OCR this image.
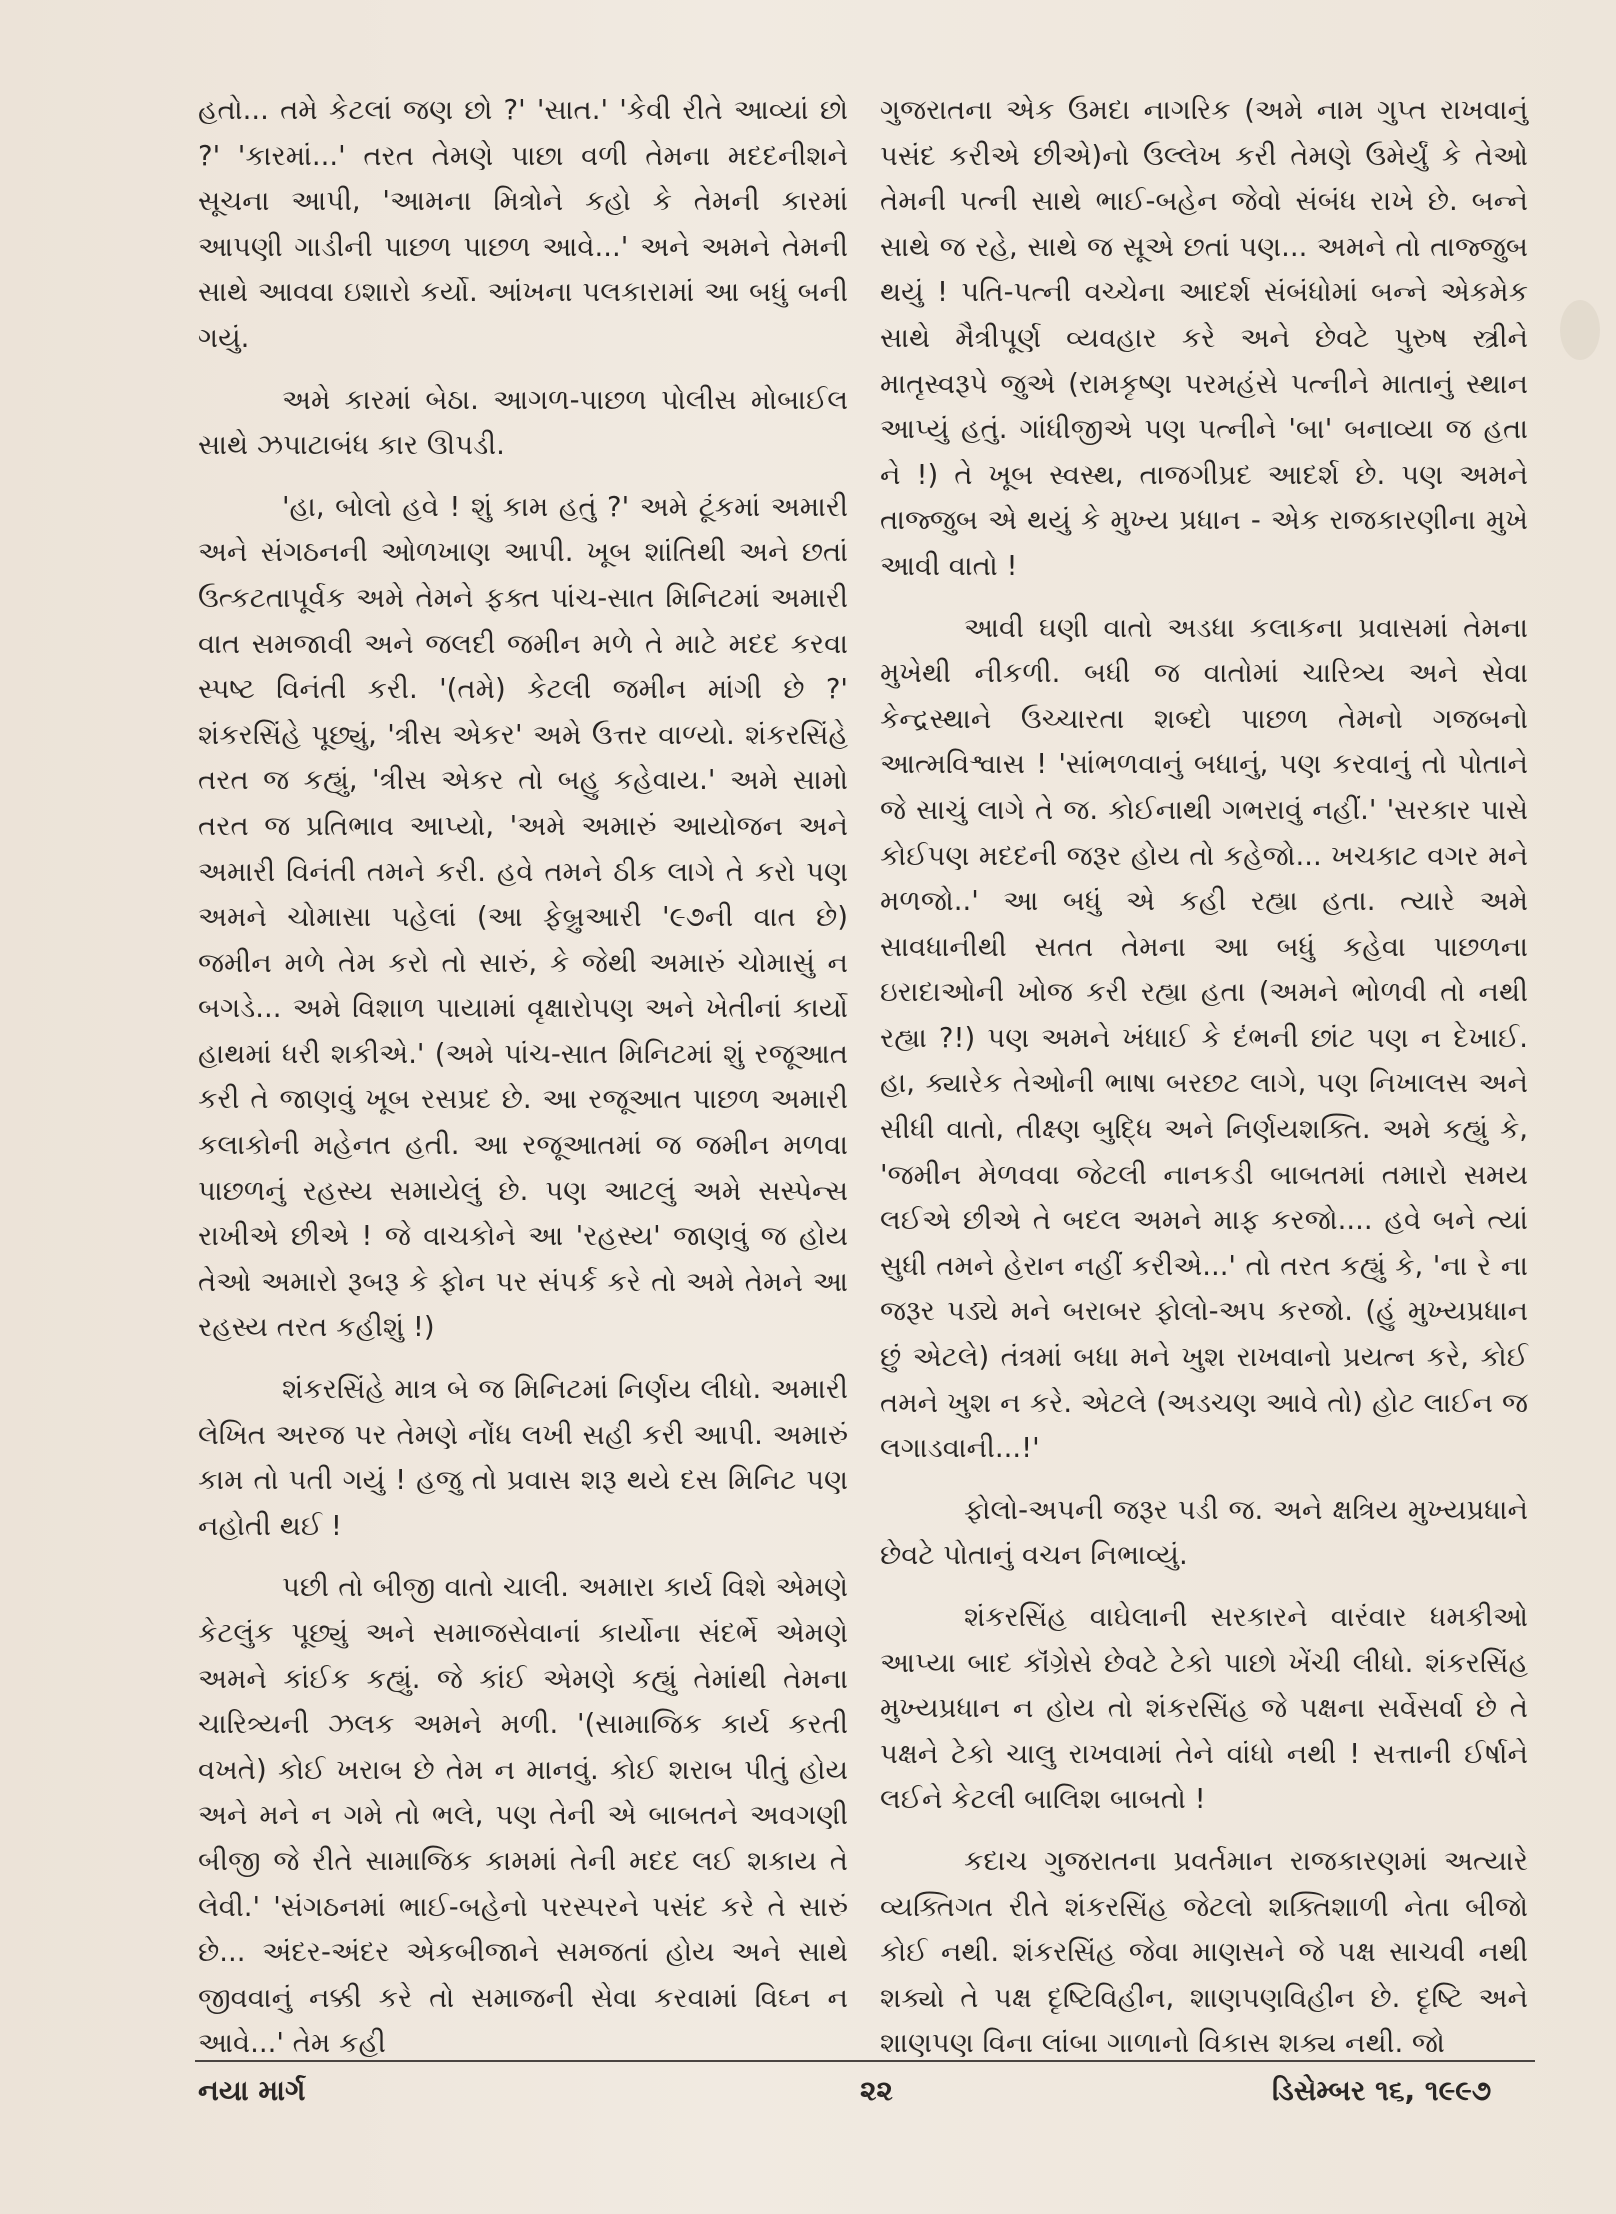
હતો... તમે કેટલાં જણ છો ?' 'સાત.' 'કેવી રીતે આવ્યાં છો ?' 'કારમાં...' તરત તેમણે પાછા વળી તેમના મદદનીશને સૂચના આપી, 'આમના મિત્રોને કહો કે તેમની કારમાં આપણી ગાડીની પાછળ પાછળ આવે...' અને અમને તેમની સાથે આવવા ઇશારો કર્યો. આંખના પલકારામાં આ બધું બની ગયું.

અમે કારમાં બેઠા. આગળ-પાછળ પોલીસ મોબાઈલ સાથે ઝપાટાબંધ કાર ઊપડી.

'હા, બોલો હવે ! શું કામ હતું ?' અમે ટૂંકમાં અમારી અને સંગઠનની ઓળખાણ આપી. ખૂબ શાંતિથી અને છતાં ઉત્કટતાપૂર્વક અમે તેમને ફક્ત પાંચ-સાત મિનિટમાં અમારી વાત સમજાવી અને જલદી જમીન મળે તે માટે મદદ કરવા સ્પષ્ટ વિનંતી કરી. '(તમે) કેટલી જમીન માંગી છે ?' શંકરસિંહે પૂછ્યું, 'ત્રીસ એકર' અમે ઉત્તર વાળ્યો. શંકરસિંહે તરત જ કહ્યું, 'ત્રીસ એકર તો બહુ કહેવાય.' અમે સામો તરત જ પ્રતિભાવ આપ્યો, 'અમે અમારું આયોજન અને અમારી વિનંતી તમને કરી. હવે તમને ઠીક લાગે તે કરો પણ અમને ચોમાસા પહેલાં (આ ફેબ્રુઆરી '૯૭ની વાત છે) જમીન મળે તેમ કરો તો સારું, કે જેથી અમારું ચોમાસું ન બગડે... અમે વિશાળ પાયામાં વૃક્ષારોપણ અને ખેતીનાં કાર્યો હાથમાં ધરી શકીએ.' (અમે પાંચ-સાત મિનિટમાં શું રજૂઆત કરી તે જાણવું ખૂબ રસપ્રદ છે. આ રજૂઆત પાછળ અમારી કલાકોની મહેનત હતી. આ રજૂઆતમાં જ જમીન મળવા પાછળનું રહસ્ય સમાયેલું છે. પણ આટલું અમે સસ્પેન્સ રાખીએ છીએ ! જે વાચકોને આ 'રહસ્ય' જાણવું જ હોય તેઓ અમારો રૂબરૂ કે ફોન પર સંપર્ક કરે તો અમે તેમને આ રહસ્ય તરત કહીશું !)

શંકરસિંહે માત્ર બે જ મિનિટમાં નિર્ણય લીધો. અમારી લેખિત અરજ પર તેમણે નોંધ લખી સહી કરી આપી. અમારું કામ તો પતી ગયું ! હજુ તો પ્રવાસ શરૂ થયે દસ મિનિટ પણ નહોતી થઈ !

પછી તો બીજી વાતો ચાલી. અમારા કાર્ય વિશે એમણે કેટલુંક પૂછ્યું અને સમાજસેવાનાં કાર્યોના સંદર્ભે એમણે અમને કાંઈક કહ્યું. જે કાંઈ એમણે કહ્યું તેમાંથી તેમના ચારિત્ર્યની ઝલક અમને મળી. '(સામાજિક કાર્ય કરતી વખતે) કોઈ ખરાબ છે તેમ ન માનવું. કોઈ શરાબ પીતું હોય અને મને ન ગમે તો ભલે, પણ તેની એ બાબતને અવગણી બીજી જે રીતે સામાજિક કામમાં તેની મદદ લઈ શકાય તે લેવી.' 'સંગઠનમાં ભાઈ-બહેનો પરસ્પરને પસંદ કરે તે સારું છે... અંદર-અંદર એકબીજાને સમજતાં હોય અને સાથે જીવવાનું નક્કી કરે તો સમાજની સેવા કરવામાં વિઘ્ન ન આવે...' તેમ કહી

ગુજરાતના એક ઉમદા નાગરિક (અમે નામ ગુપ્ત રાખવાનું પસંદ કરીએ છીએ)નો ઉલ્લેખ કરી તેમણે ઉમેર્યું કે તેઓ તેમની પત્ની સાથે ભાઈ-બહેન જેવો સંબંધ રાખે છે. બન્ને સાથે જ રહે, સાથે જ સૂએ છતાં પણ... અમને તો તાજ્જુબ થયું ! પતિ-પત્ની વચ્ચેના આદર્શ સંબંધોમાં બન્ને એકમેક સાથે મૈત્રીપૂર્ણ વ્યવહાર કરે અને છેવટે પુરુષ સ્ત્રીને માતૃસ્વરૂપે જુએ (રામકૃષ્ણ પરમહંસે પત્નીને માતાનું સ્થાન આપ્યું હતું. ગાંધીજીએ પણ પત્નીને 'બા' બનાવ્યા જ હતા ને !) તે ખૂબ સ્વસ્થ, તાજગીપ્રદ આદર્શ છે. પણ અમને તાજ્જુબ એ થયું કે મુખ્ય પ્રધાન - એક રાજકારણીના મુખે આવી વાતો !

આવી ઘણી વાતો અડધા કલાકના પ્રવાસમાં તેમના મુખેથી નીકળી. બધી જ વાતોમાં ચારિત્ર્ય અને સેવા કેન્દ્રસ્થાને ઉચ્ચારતા શબ્દો પાછળ તેમનો ગજબનો આત્મવિશ્વાસ ! 'સાંભળવાનું બધાનું, પણ કરવાનું તો પોતાને જે સાચું લાગે તે જ. કોઈનાથી ગભરાવું નહીં.' 'સરકાર પાસે કોઈપણ મદદની જરૂર હોય તો કહેજો... ખચકાટ વગર મને મળજો..' આ બધું એ કહી રહ્યા હતા. ત્યારે અમે સાવધાનીથી સતત તેમના આ બધું કહેવા પાછળના ઇરાદાઓની ખોજ કરી રહ્યા હતા (અમને ભોળવી તો નથી રહ્યા ?!) પણ અમને ખંધાઈ કે દંભની છાંટ પણ ન દેખાઈ. હા, ક્યારેક તેઓની ભાષા બરછટ લાગે, પણ નિખાલસ અને સીધી વાતો, તીક્ષ્ણ બુદ્ધિ અને નિર્ણયશક્તિ. અમે કહ્યું કે, 'જમીન મેળવવા જેટલી નાનકડી બાબતમાં તમારો સમય લઈએ છીએ તે બદલ અમને માફ કરજો.... હવે બને ત્યાં સુધી તમને હેરાન નહીં કરીએ...' તો તરત કહ્યું કે, 'ના રે ના જરૂર પડ્યે મને બરાબર ફોલો-અપ કરજો. (હું મુખ્યપ્રધાન છું એટલે) તંત્રમાં બધા મને ખુશ રાખવાનો પ્રયત્ન કરે, કોઈ તમને ખુશ ન કરે. એટલે (અડચણ આવે તો) હોટ લાઈન જ લગાડવાની...!'

ફોલો-અપની જરૂર પડી જ. અને ક્ષત્રિય મુખ્યપ્રધાને છેવટે પોતાનું વચન નિભાવ્યું.

શંકરસિંહ વાઘેલાની સરકારને વારંવાર ધમકીઓ આપ્યા બાદ કૉંગ્રેસે છેવટે ટેકો પાછો ખેંચી લીધો. શંકરસિંહ મુખ્યપ્રધાન ન હોય તો શંકરસિંહ જે પક્ષના સર્વેસર્વા છે તે પક્ષને ટેકો ચાલુ રાખવામાં તેને વાંધો નથી ! સત્તાની ઈર્ષાને લઈને કેટલી બાલિશ બાબતો !

કદાચ ગુજરાતના પ્રવર્તમાન રાજકારણમાં અત્યારે વ્યક્તિગત રીતે શંકરસિંહ જેટલો શક્તિશાળી નેતા બીજો કોઈ નથી. શંકરસિંહ જેવા માણસને જે પક્ષ સાચવી નથી શક્યો તે પક્ષ દૃષ્ટિવિહીન, શાણપણવિહીન છે. દૃષ્ટિ અને શાણપણ વિના લાંબા ગાળાનો વિકાસ શક્ય નથી. જો

નયા માર્ગ	૨૨	ડિસેમ્બર ૧૬, ૧૯૯૭
